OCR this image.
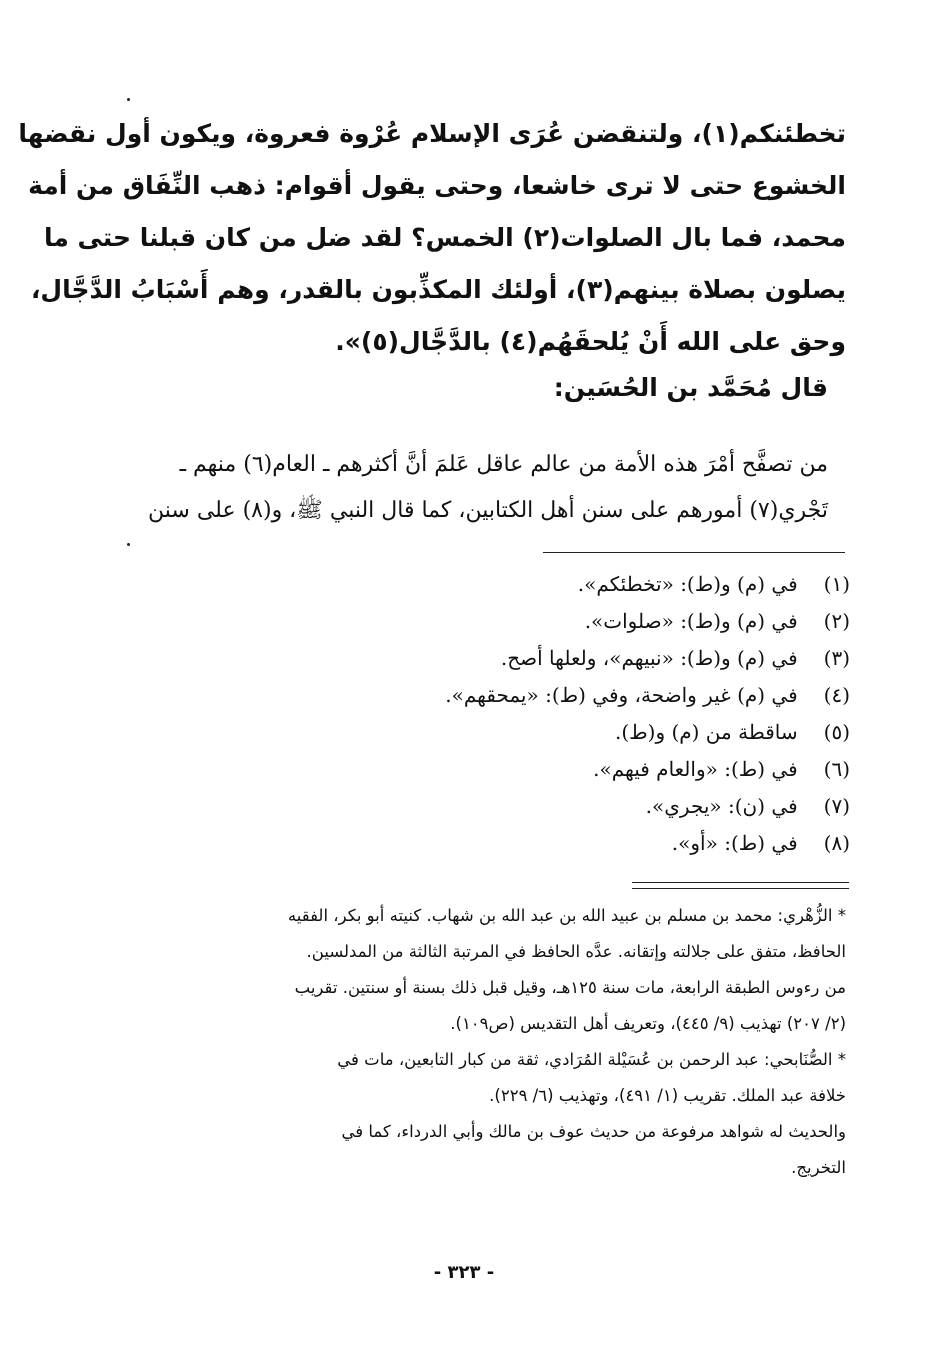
تخطئنكم(١)، ولتنقضن عُرَى الإسلام عُرْوة فعروة، ويكون أول نقضها
الخشوع حتى لا ترى خاشعا، وحتى يقول أقوام: ذهب النِّفَاق من أمة
محمد، فما بال الصلوات(٢) الخمس؟ لقد ضل من كان قبلنا حتى ما
يصلون بصلاة بينهم(٣)، أولئك المكذِّبون بالقدر، وهم أَسْبَابُ الدَّجَّال،
وحق على الله أَنْ يُلحقَهُم(٤) بالدَّجَّال(٥)».
قال مُحَمَّد بن الحُسَين:
من تصفَّح أمْرَ هذه الأمة من عالم عاقل عَلمَ أنَّ أكثرهم ـ العام(٦) منهم ـ
تَجْري(٧) أمورهم على سنن أهل الكتابين، كما قال النبي ﷺ، و(٨) على سنن
(١) في (م) و(ط): «تخطئكم».
(٢) في (م) و(ط): «صلوات».
(٣) في (م) و(ط): «نبيهم»، ولعلها أصح.
(٤) في (م) غير واضحة، وفي (ط): «يمحقهم».
(٥) ساقطة من (م) و(ط).
(٦) في (ط): «والعام فيهم».
(٧) في (ن): «يجري».
(٨) في (ط): «أو».
* الزُّهْري: محمد بن مسلم بن عبيد الله بن عبد الله بن شهاب. كنيته أبو بكر، الفقيه
الحافظ، متفق على جلالته وإتقانه. عدَّه الحافظ في المرتبة الثالثة من المدلسين.
من رءوس الطبقة الرابعة، مات سنة ١٢٥هـ، وقيل قبل ذلك بسنة أو سنتين. تقريب
(٢/ ٢٠٧) تهذيب (٩/ ٤٤٥)، وتعريف أهل التقديس (ص١٠٩).
* الصُّنَابحي: عبد الرحمن بن عُسَيْلة المُرَادي، ثقة من كبار التابعين، مات في
خلافة عبد الملك. تقريب (١/ ٤٩١)، وتهذيب (٦/ ٢٢٩).
والحديث له شواهد مرفوعة من حديث عوف بن مالك وأبي الدرداء، كما في
التخريج.
- ٣٢٣ -
